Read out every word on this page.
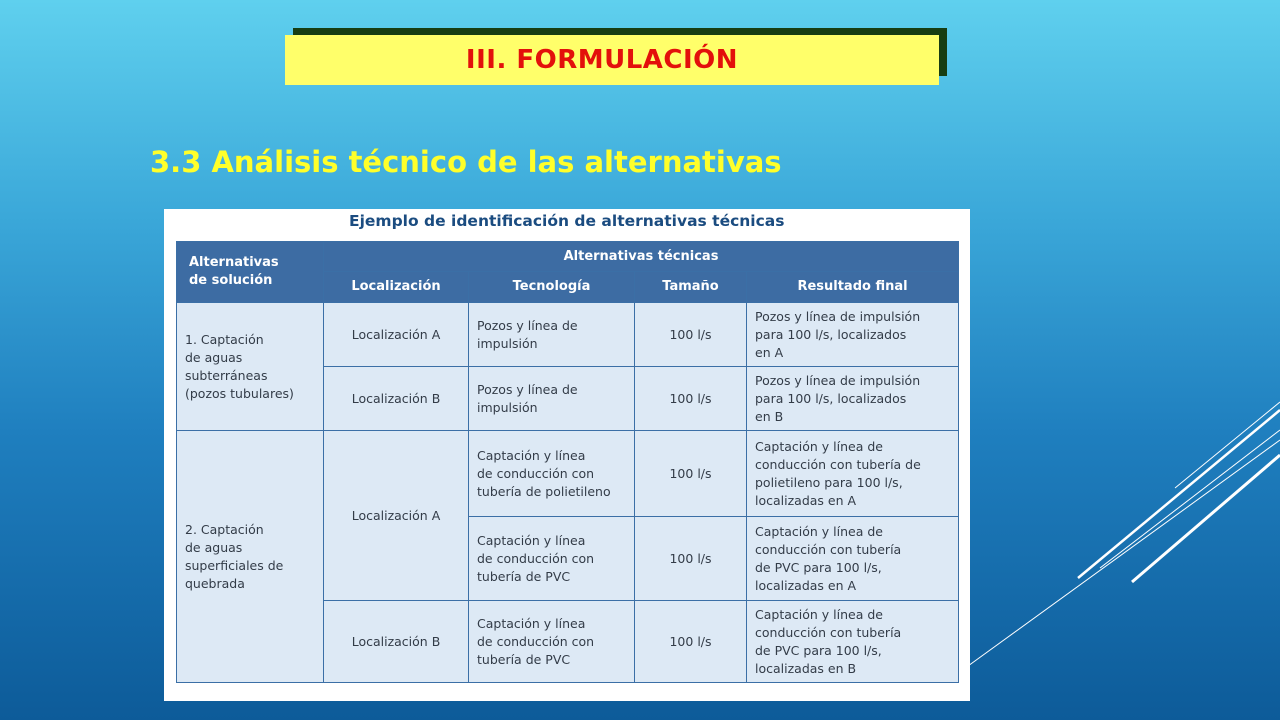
III. FORMULACIÓN
3.3 Análisis técnico de las alternativas
Ejemplo de identificación de alternativas técnicas
Alternativas
de solución	Alternativas técnicas			
	Localización	Tecnología	Tamaño	Resultado final

1. Captación
de aguas
subterráneas
(pozos tubulares)	Localización A	Pozos y línea de
impulsión	100 l/s	Pozos y línea de impulsión
para 100 l/s, localizados
en A

	Localización B	Pozos y línea de
impulsión	100 l/s	Pozos y línea de impulsión
para 100 l/s, localizados
en B

2. Captación
de aguas
superficiales de
quebrada	Localización A	Captación y línea
de conducción con
tubería de polietileno	100 l/s	Captación y línea de
conducción con tubería de
polietileno para 100 l/s,
localizadas en A

		Captación y línea
de conducción con
tubería de PVC	100 l/s	Captación y línea de
conducción con tubería
de PVC para 100 l/s,
localizadas en A

	Localización B	Captación y línea
de conducción con
tubería de PVC	100 l/s	Captación y línea de
conducción con tubería
de PVC para 100 l/s,
localizadas en B
